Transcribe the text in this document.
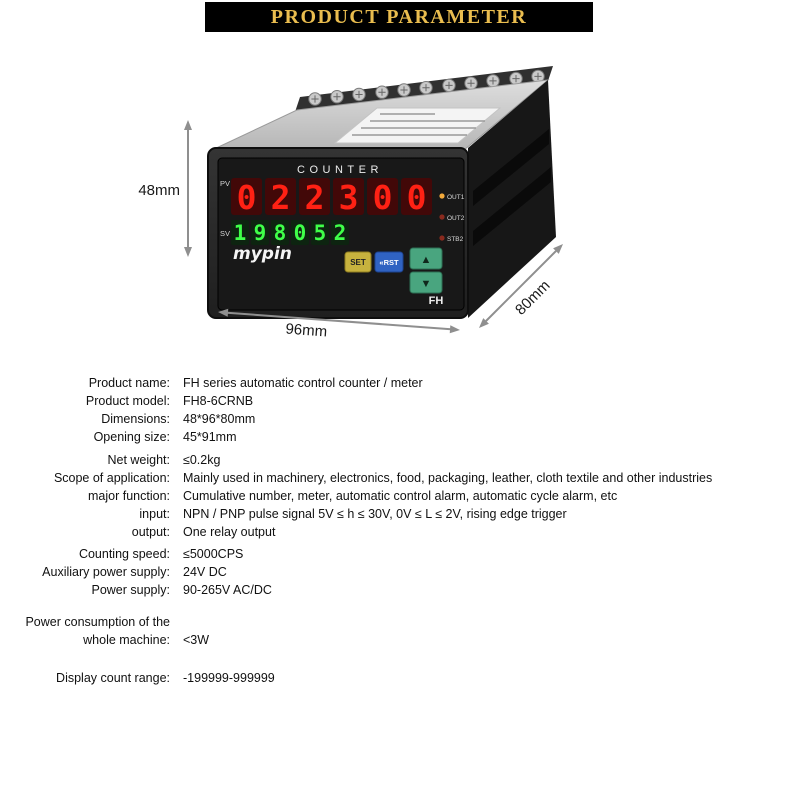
PRODUCT PARAMETER
COUNTER
PV 0 2 2 3 0 0
SV 1 9 8 0 5 2
OUT1
OUT2
STB2
mypin	SET «RST ▲
▼
FH
48mm
96mm
80mm
Product name:	FH series automatic control counter / meter
Product model:	FH8-6CRNB
Dimensions:	48*96*80mm
Opening size:	45*91mm
Net weight:	≤0.2kg
Scope of application:	Mainly used in machinery, electronics, food, packaging, leather, cloth textile and other industries
major function:	Cumulative number, meter, automatic control alarm, automatic cycle alarm, etc
input:	NPN / PNP pulse signal 5V ≤ h ≤ 30V, 0V ≤ L ≤ 2V, rising edge trigger
output:	One relay output
Counting speed:	≤5000CPS
Auxiliary power supply:	24V DC
Power supply:	90-265V AC/DC
Power consumption of the whole machine:	<3W
Display count range:	-199999-999999
